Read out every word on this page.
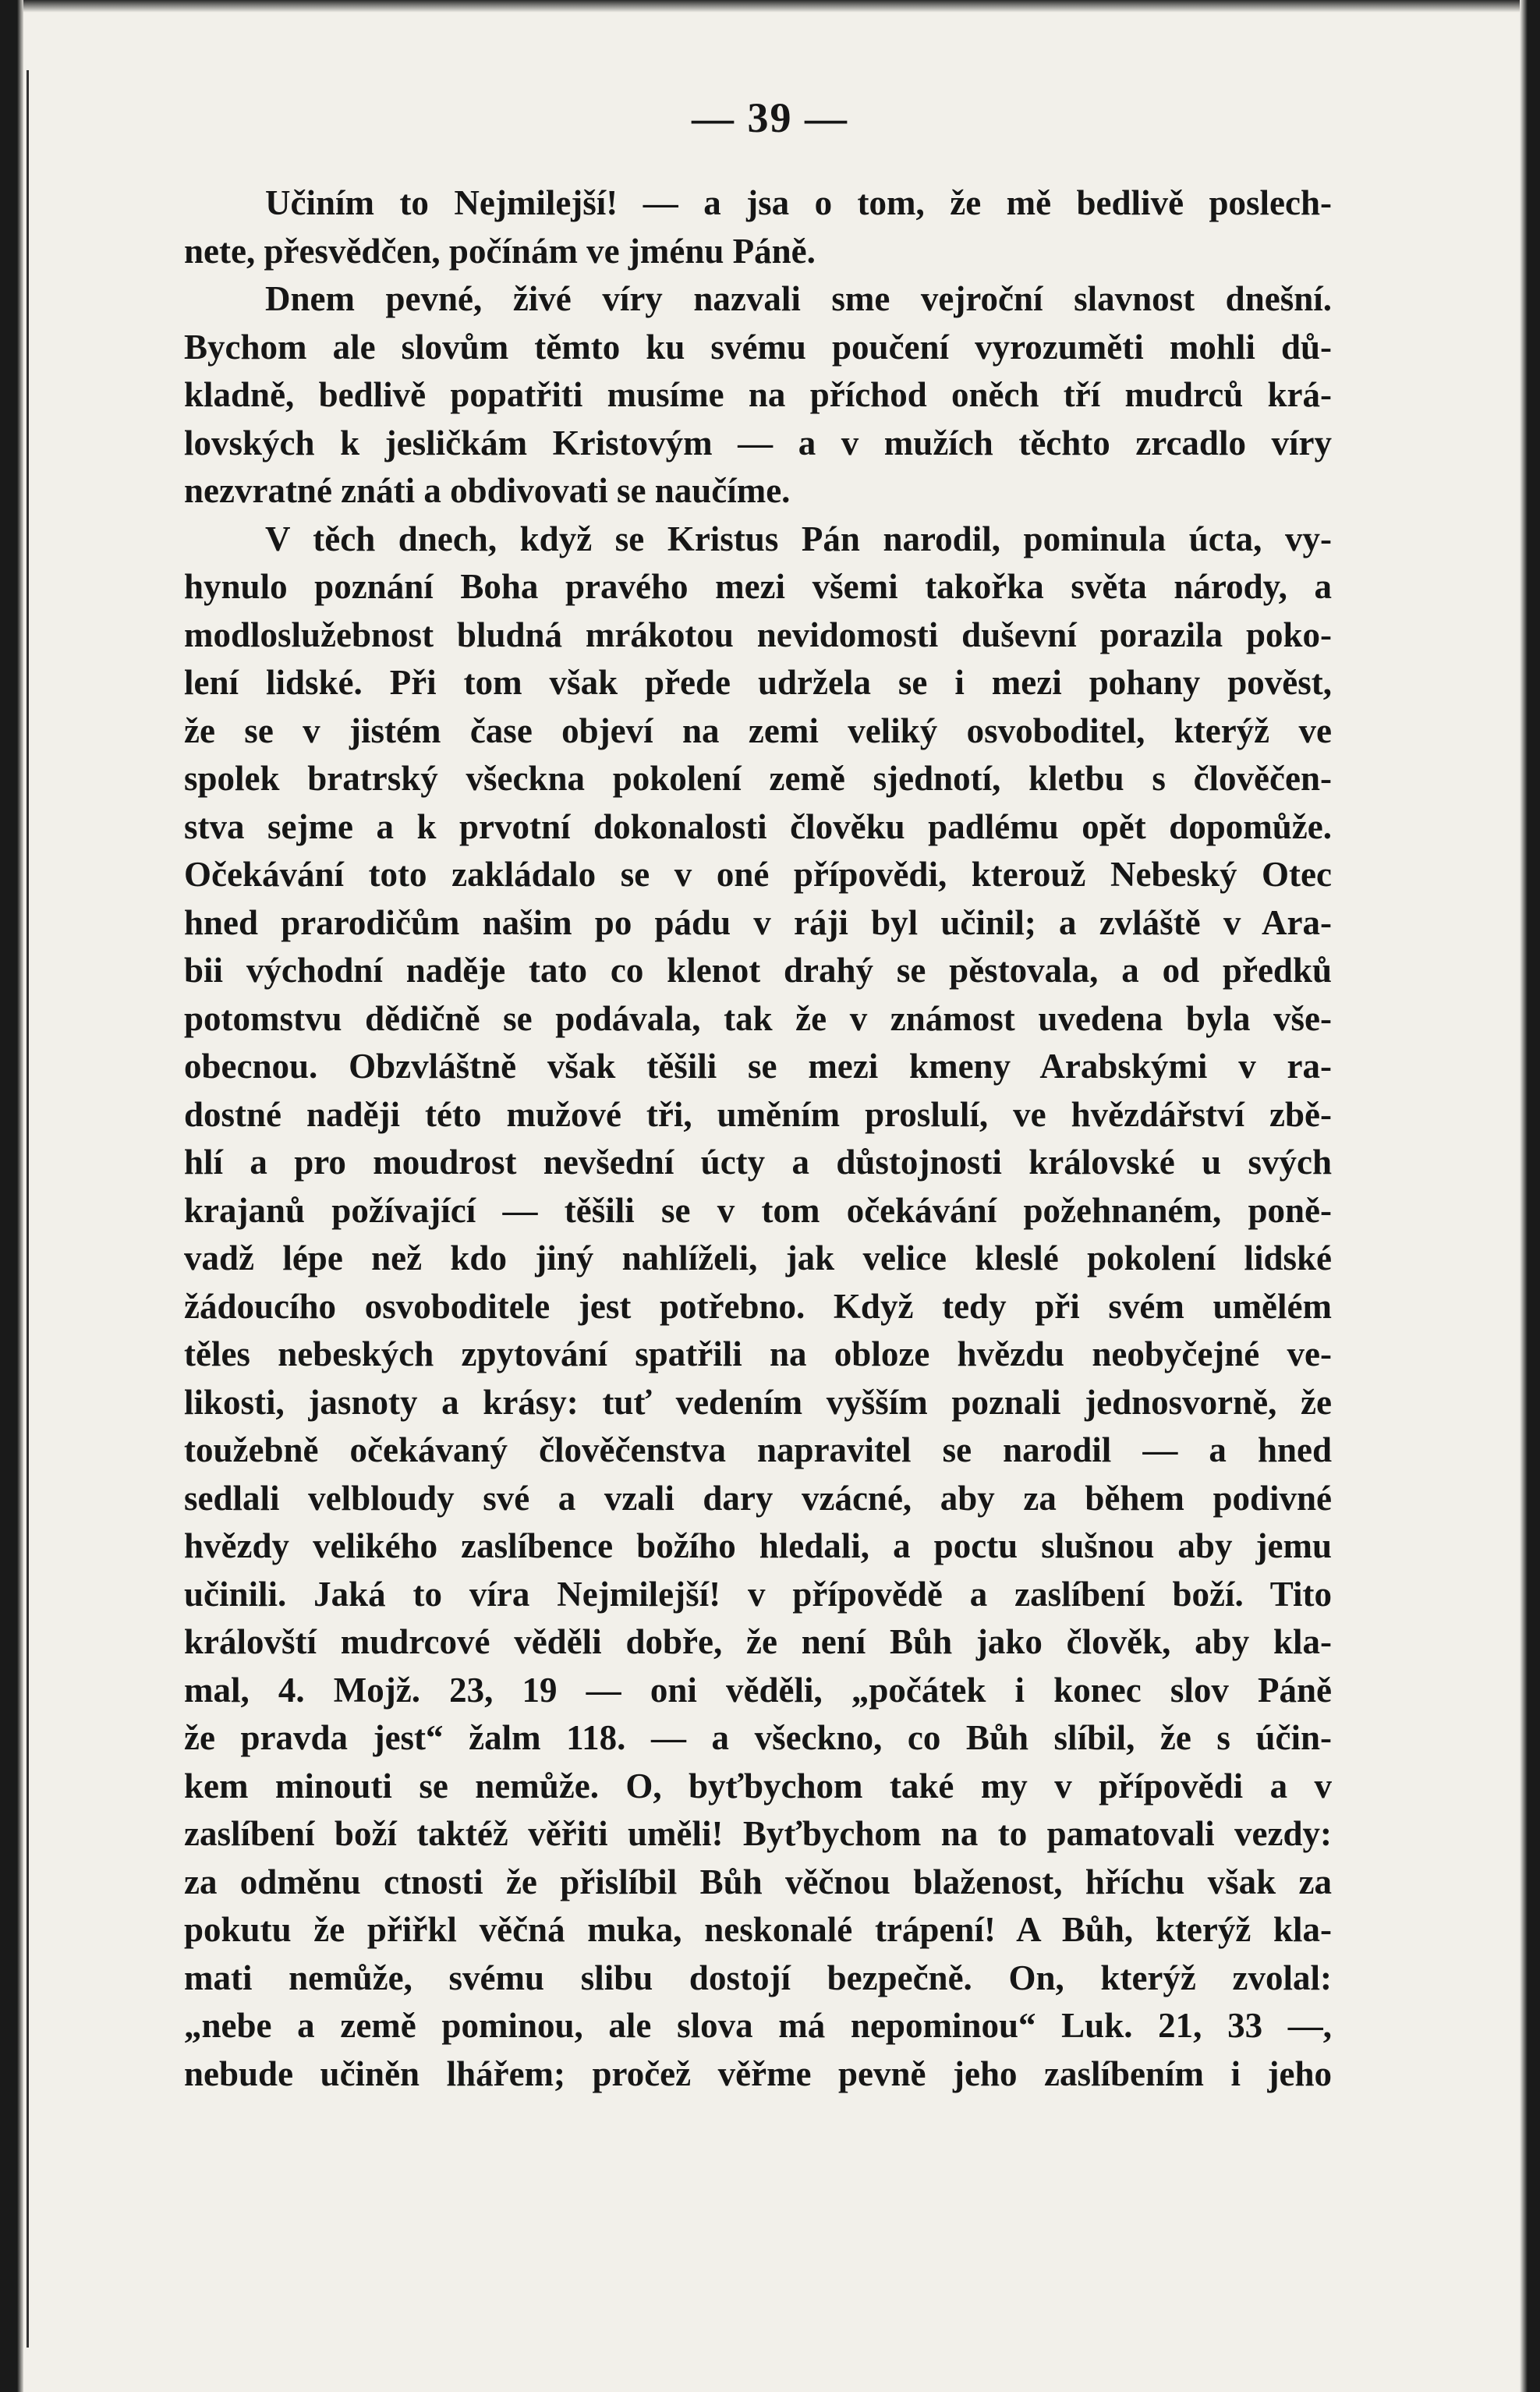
— 39 —
Učiním to Nejmilejší! — a jsa o tom, že mě bedlivě poslech-
nete, přesvědčen, počínám ve jménu Páně.
Dnem pevné, živé víry nazvali sme vejroční slavnost dnešní.
Bychom ale slovům těmto ku svému poučení vyrozuměti mohli dů-
kladně, bedlivě popatřiti musíme na příchod oněch tří mudrců krá-
lovských k jesličkám Kristovým — a v mužích těchto zrcadlo víry
nezvratné znáti a obdivovati se naučíme.
V těch dnech, když se Kristus Pán narodil, pominula úcta, vy-
hynulo poznání Boha pravého mezi všemi takořka světa národy, a
modloslužebnost bludná mrákotou nevidomosti duševní porazila poko-
lení lidské. Při tom však přede udržela se i mezi pohany pověst,
že se v jistém čase objeví na zemi veliký osvoboditel, kterýž ve
spolek bratrský všeckna pokolení země sjednotí, kletbu s člověčen-
stva sejme a k prvotní dokonalosti člověku padlému opět dopomůže.
Očekávání toto zakládalo se v oné přípovědi, kterouž Nebeský Otec
hned prarodičům našim po pádu v ráji byl učinil; a zvláště v Ara-
bii východní naděje tato co klenot drahý se pěstovala, a od předků
potomstvu dědičně se podávala, tak že v známost uvedena byla vše-
obecnou. Obzvláštně však těšili se mezi kmeny Arabskými v ra-
dostné naději této mužové tři, uměním proslulí, ve hvězdářství zbě-
hlí a pro moudrost nevšední úcty a důstojnosti královské u svých
krajanů požívající — těšili se v tom očekávání požehnaném, poně-
vadž lépe než kdo jiný nahlíželi, jak velice kleslé pokolení lidské
žádoucího osvoboditele jest potřebno. Když tedy při svém umělém
těles nebeských zpytování spatřili na obloze hvězdu neobyčejné ve-
likosti, jasnoty a krásy: tuť vedením vyšším poznali jednosvorně, že
toužebně očekávaný člověčenstva napravitel se narodil — a hned
sedlali velbloudy své a vzali dary vzácné, aby za během podivné
hvězdy velikého zaslíbence božího hledali, a poctu slušnou aby jemu
učinili. Jaká to víra Nejmilejší! v přípovědě a zaslíbení boží. Tito
královští mudrcové věděli dobře, že není Bůh jako člověk, aby kla-
mal, 4. Mojž. 23, 19 — oni věděli, „počátek i konec slov Páně
že pravda jest“ žalm 118. — a všeckno, co Bůh slíbil, že s účin-
kem minouti se nemůže. O, byťbychom také my v přípovědi a v
zaslíbení boží taktéž věřiti uměli! Byťbychom na to pamatovali vezdy:
za odměnu ctnosti že přislíbil Bůh věčnou blaženost, hříchu však za
pokutu že přiřkl věčná muka, neskonalé trápení! A Bůh, kterýž kla-
mati nemůže, svému slibu dostojí bezpečně. On, kterýž zvolal:
„nebe a země pominou, ale slova má nepominou“ Luk. 21, 33 —,
nebude učiněn lhářem; pročež věřme pevně jeho zaslíbením i jeho
